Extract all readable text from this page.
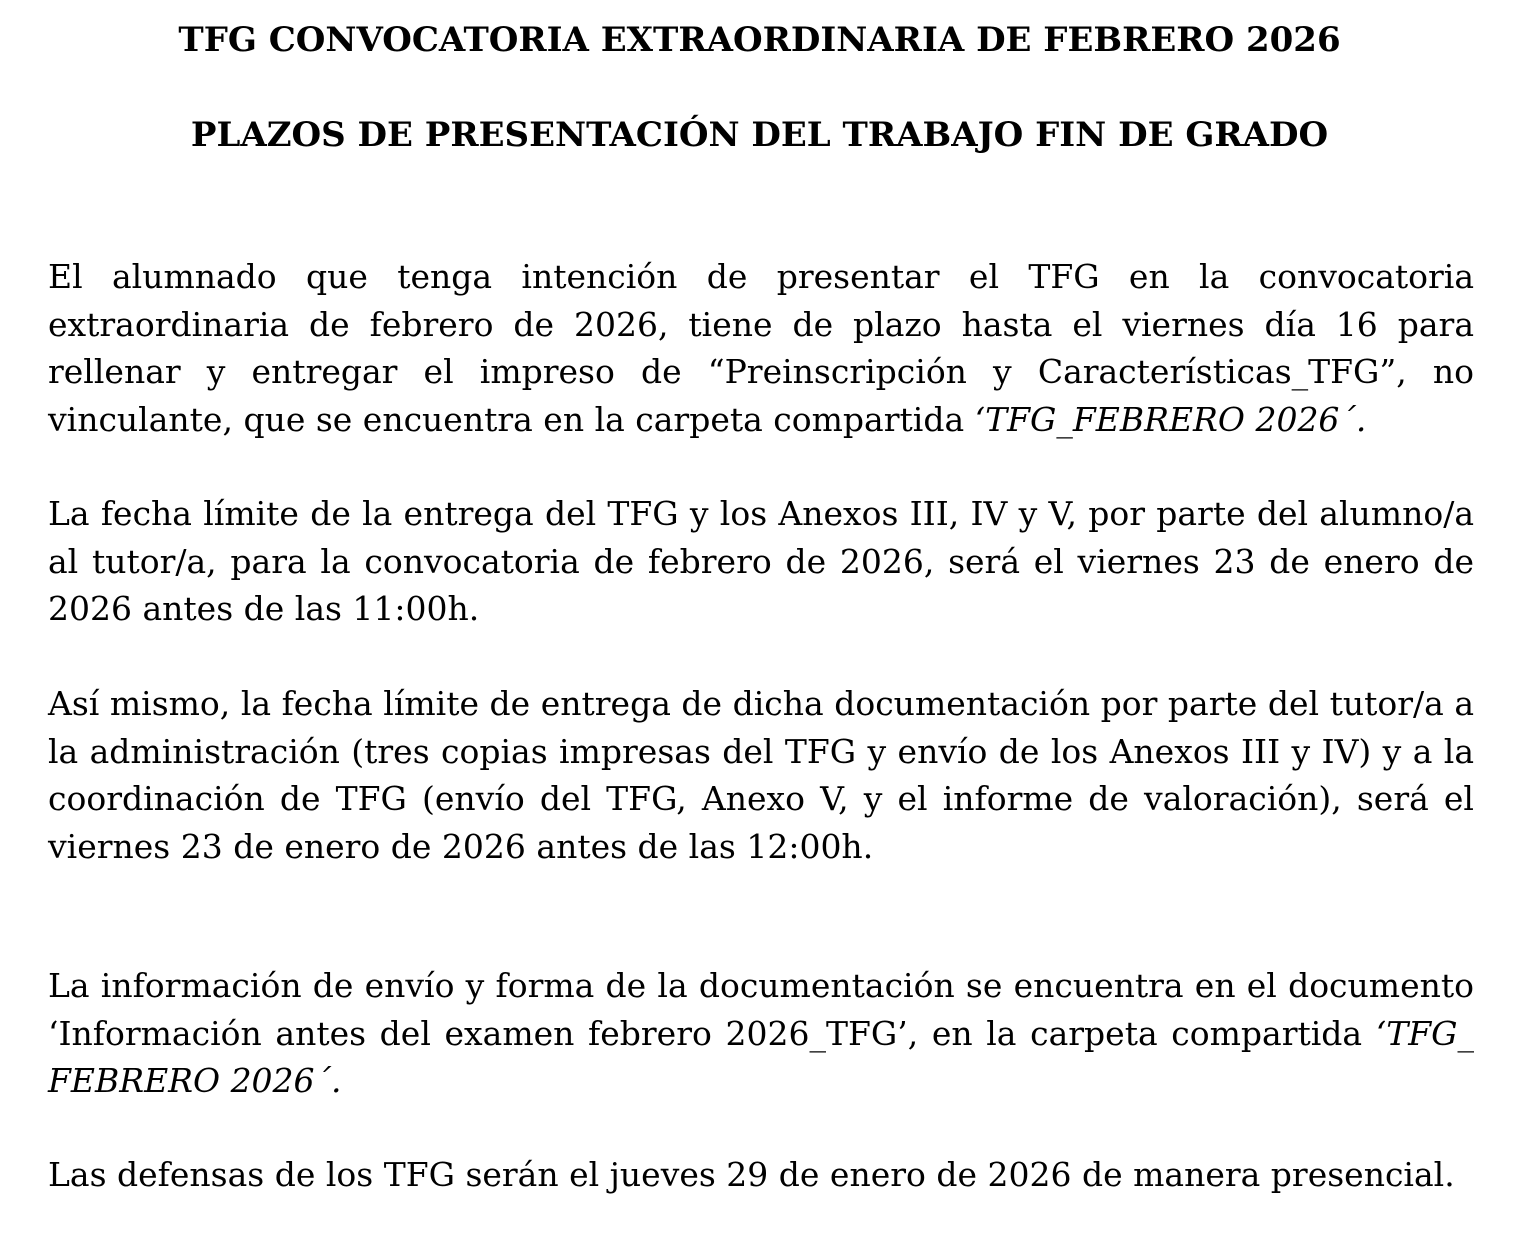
TFG CONVOCATORIA EXTRAORDINARIA DE FEBRERO 2026
PLAZOS DE PRESENTACIÓN DEL TRABAJO FIN DE GRADO

El alumnado que tenga intención de presentar el TFG en la convocatoria extraordinaria de febrero de 2026, tiene de plazo hasta el viernes día 16 para rellenar y entregar el impreso de “Preinscripción y Características_TFG”, no vinculante, que se encuentra en la carpeta compartida ‘TFG_FEBRERO 2026´.

La fecha límite de la entrega del TFG y los Anexos III, IV y V, por parte del alumno/a al tutor/a, para la convocatoria de febrero de 2026, será el viernes 23 de enero de 2026 antes de las 11:00h.

Así mismo, la fecha límite de entrega de dicha documentación por parte del tutor/a a la administración (tres copias impresas del TFG y envío de los Anexos III y IV) y a la coordinación de TFG (envío del TFG, Anexo V, y el informe de valoración), será el viernes 23 de enero de 2026 antes de las 12:00h.

La información de envío y forma de la documentación se encuentra en el documento ‘Información antes del examen febrero 2026_TFG’, en la carpeta compartida ‘TFG_ FEBRERO 2026´.

Las defensas de los TFG serán el jueves 29 de enero de 2026 de manera presencial.
